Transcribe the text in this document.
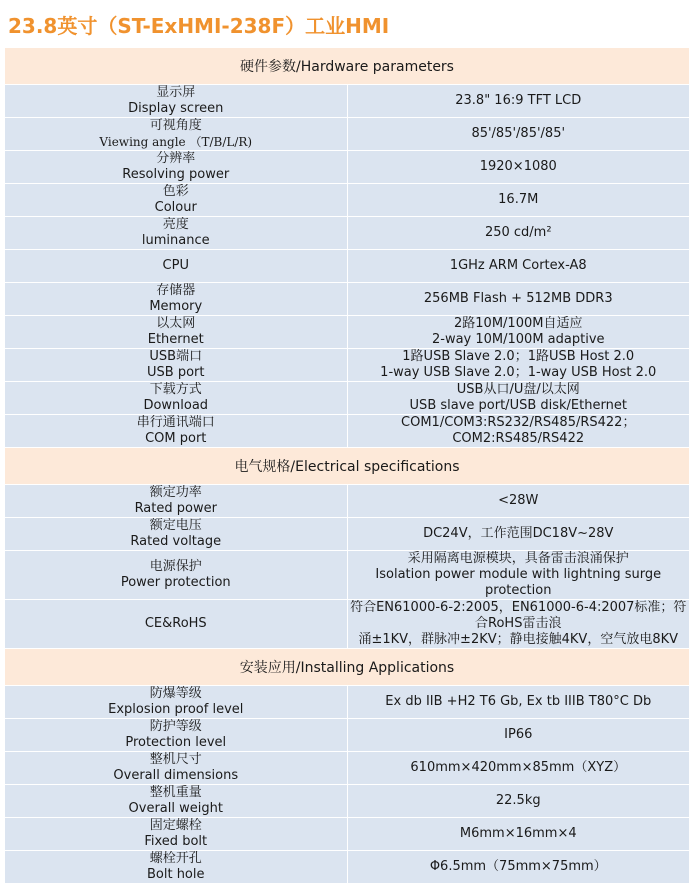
23.8英寸（ST-ExHMI-238F）工业HMI
硬件参数/Hardware parameters	

显示屏
Display screen	23.8" 16:9 TFT LCD

可视角度
Viewing angle （T/B/L/R)	85'/85'/85'/85'

分辨率
Resolving power	1920×1080

色彩
Colour	16.7M

亮度
luminance	250 cd/m²

CPU	1GHz ARM Cortex-A8

存储器
Memory	256MB Flash + 512MB DDR3

以太网
Ethernet	2路10M/100M自适应
2-way 10M/100M adaptive

USB端口
USB port	1路USB Slave 2.0；1路USB Host 2.0
1-way USB Slave 2.0；1-way USB Host 2.0

下载方式
Download	USB从口/U盘/以太网
USB slave port/USB disk/Ethernet

串行通讯端口
COM port	COM1/COM3:RS232/RS485/RS422；COM2:RS485/RS422

电气规格/Electrical specifications	

额定功率
Rated power	<28W

额定电压
Rated voltage	DC24V，工作范围DC18V~28V

电源保护
Power protection	采用隔离电源模块，具备雷击浪涌保护
Isolation power module with lightning surge protection

CE&RoHS	符合EN61000-6-2:2005，EN61000-6-4:2007标准；符合RoHS雷击浪
涌±1KV，群脉冲±2KV；静电接触4KV，空气放电8KV

安装应用/Installing Applications	

防爆等级
Explosion proof level	Ex db IIB +H2 T6 Gb, Ex tb IIIB T80°C Db

防护等级
Protection level	IP66

整机尺寸
Overall dimensions	610mm×420mm×85mm（XYZ）

整机重量
Overall weight	22.5kg

固定螺栓
Fixed bolt	M6mm×16mm×4

螺栓开孔
Bolt hole	Φ6.5mm（75mm×75mm）
